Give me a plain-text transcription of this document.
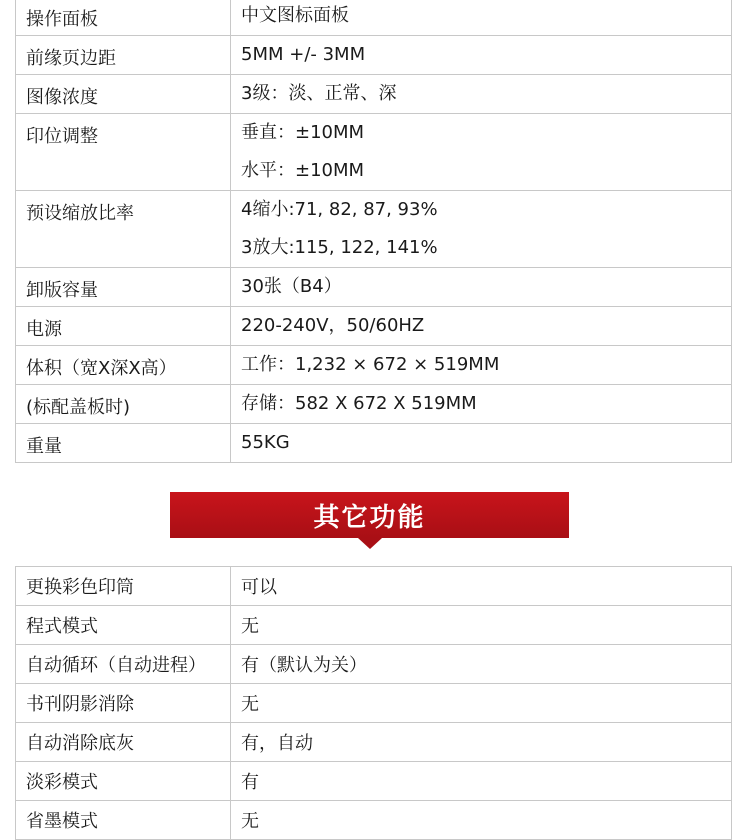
操作面板	中文图标面板

前缘页边距	5MM +/- 3MM

图像浓度	3级：淡、正常、深

印位调整	垂直：±10MM
水平：±10MM

预设缩放比率	4缩小:71, 82, 87, 93%
3放大:115, 122, 141%

卸版容量	30张（B4）

电源	220-240V，50/60HZ

体积（宽X深X高）	工作：1,232 × 672 × 519MM

(标配盖板时)	存储：582 X 672 X 519MM

重量	55KG
其它功能
更换彩色印筒	可以
程式模式	无
自动循环（自动进程）	有（默认为关）
书刊阴影消除	无
自动消除底灰	有，自动
淡彩模式	有
省墨模式	无
